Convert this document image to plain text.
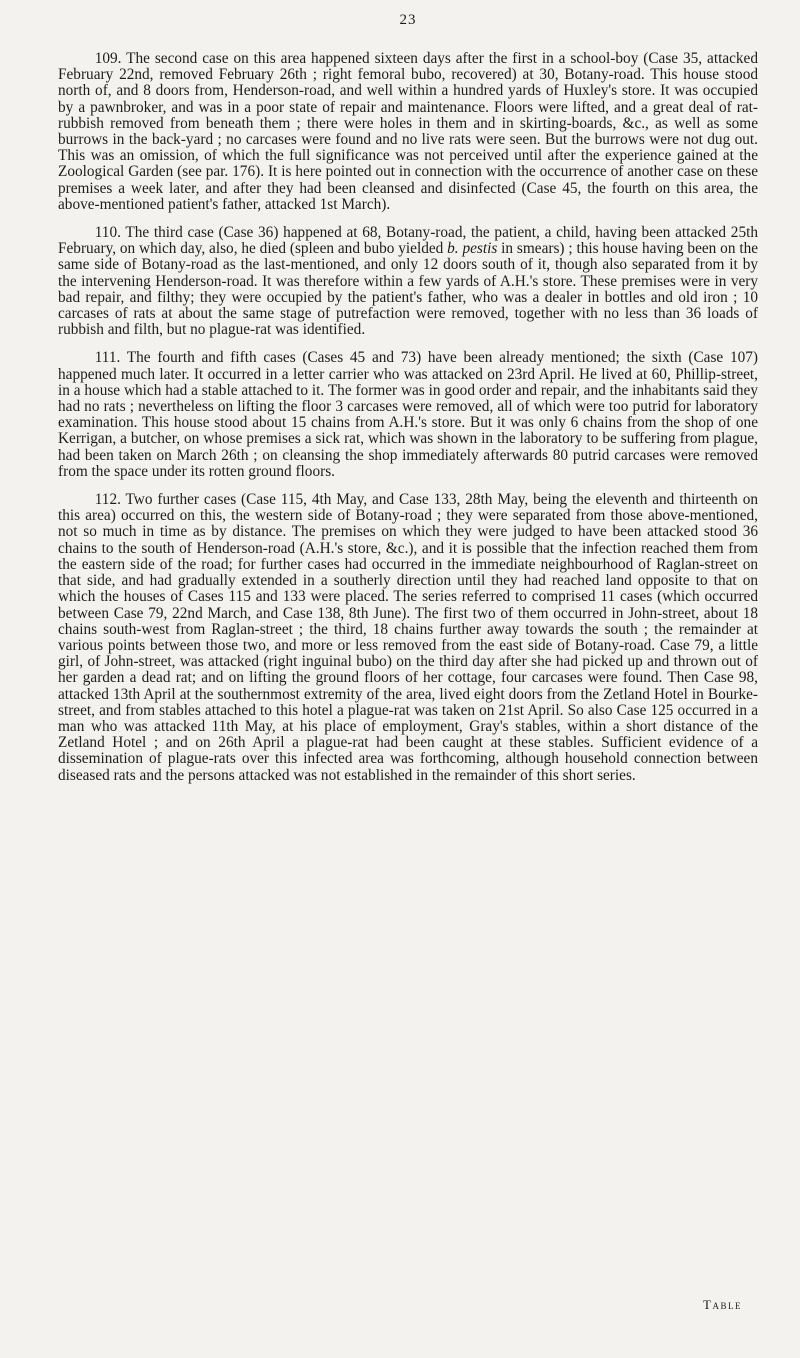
23

109. The second case on this area happened sixteen days after the first in a school-boy (Case 35, attacked February 22nd, removed February 26th ; right femoral bubo, recovered) at 30, Botany-road. This house stood north of, and 8 doors from, Henderson-road, and well within a hundred yards of Huxley's store. It was occupied by a pawnbroker, and was in a poor state of repair and maintenance. Floors were lifted, and a great deal of rat-rubbish removed from beneath them ; there were holes in them and in skirting-boards, &c., as well as some burrows in the back-yard ; no carcases were found and no live rats were seen. But the burrows were not dug out. This was an omission, of which the full significance was not perceived until after the experience gained at the Zoological Garden (see par. 176). It is here pointed out in connection with the occurrence of another case on these premises a week later, and after they had been cleansed and disinfected (Case 45, the fourth on this area, the above-mentioned patient's father, attacked 1st March).

110. The third case (Case 36) happened at 68, Botany-road, the patient, a child, having been attacked 25th February, on which day, also, he died (spleen and bubo yielded b. pestis in smears) ; this house having been on the same side of Botany-road as the last-mentioned, and only 12 doors south of it, though also separated from it by the intervening Henderson-road. It was therefore within a few yards of A.H.'s store. These premises were in very bad repair, and filthy; they were occupied by the patient's father, who was a dealer in bottles and old iron ; 10 carcases of rats at about the same stage of putrefaction were removed, together with no less than 36 loads of rubbish and filth, but no plague-rat was identified.

111. The fourth and fifth cases (Cases 45 and 73) have been already mentioned; the sixth (Case 107) happened much later. It occurred in a letter carrier who was attacked on 23rd April. He lived at 60, Phillip-street, in a house which had a stable attached to it. The former was in good order and repair, and the inhabitants said they had no rats ; nevertheless on lifting the floor 3 carcases were removed, all of which were too putrid for laboratory examination. This house stood about 15 chains from A.H.'s store. But it was only 6 chains from the shop of one Kerrigan, a butcher, on whose premises a sick rat, which was shown in the laboratory to be suffering from plague, had been taken on March 26th ; on cleansing the shop immediately afterwards 80 putrid carcases were removed from the space under its rotten ground floors.

112. Two further cases (Case 115, 4th May, and Case 133, 28th May, being the eleventh and thirteenth on this area) occurred on this, the western side of Botany-road ; they were separated from those above-mentioned, not so much in time as by distance. The premises on which they were judged to have been attacked stood 36 chains to the south of Henderson-road (A.H.'s store, &c.), and it is possible that the infection reached them from the eastern side of the road; for further cases had occurred in the immediate neighbourhood of Raglan-street on that side, and had gradually extended in a southerly direction until they had reached land opposite to that on which the houses of Cases 115 and 133 were placed. The series referred to comprised 11 cases (which occurred between Case 79, 22nd March, and Case 138, 8th June). The first two of them occurred in John-street, about 18 chains south-west from Raglan-street ; the third, 18 chains further away towards the south ; the remainder at various points between those two, and more or less removed from the east side of Botany-road. Case 79, a little girl, of John-street, was attacked (right inguinal bubo) on the third day after she had picked up and thrown out of her garden a dead rat; and on lifting the ground floors of her cottage, four carcases were found. Then Case 98, attacked 13th April at the southernmost extremity of the area, lived eight doors from the Zetland Hotel in Bourke-street, and from stables attached to this hotel a plague-rat was taken on 21st April. So also Case 125 occurred in a man who was attacked 11th May, at his place of employment, Gray's stables, within a short distance of the Zetland Hotel ; and on 26th April a plague-rat had been caught at these stables. Sufficient evidence of a dissemination of plague-rats over this infected area was forthcoming, although household connection between diseased rats and the persons attacked was not established in the remainder of this short series.

Table
